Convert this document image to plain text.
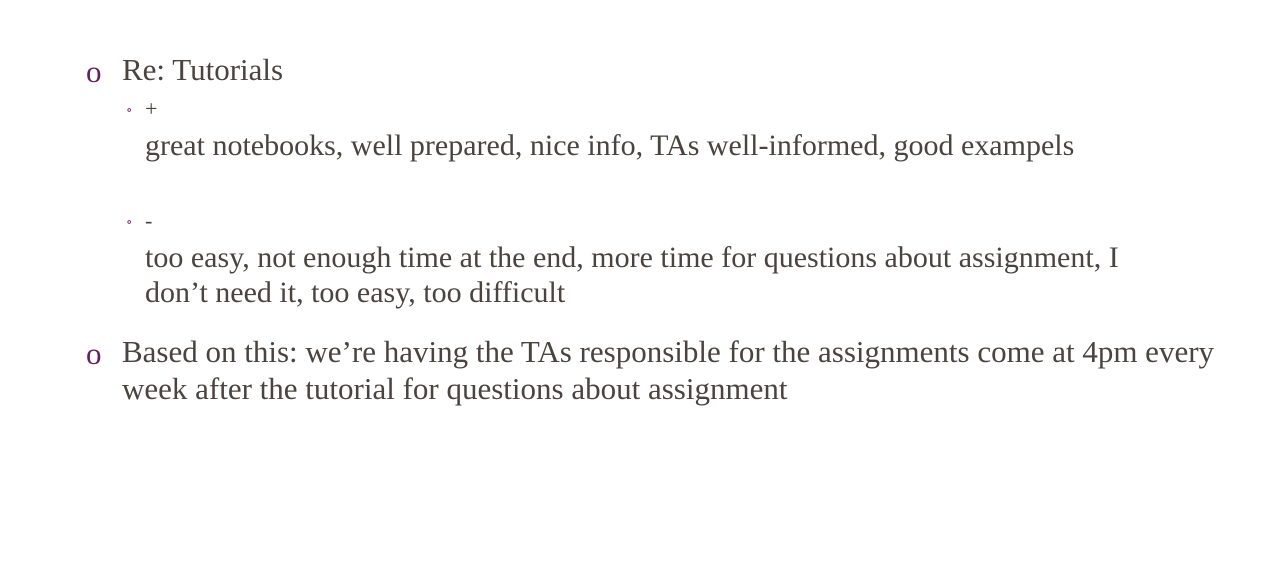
o Re: Tutorials
∘ +
great notebooks, well prepared, nice info, TAs well-informed, good exampels
∘ -
too easy, not enough time at the end, more time for questions about assignment, I don’t need it, too easy, too difficult
o Based on this: we’re having the TAs responsible for the assignments come at 4pm every week after the tutorial for questions about assignment
